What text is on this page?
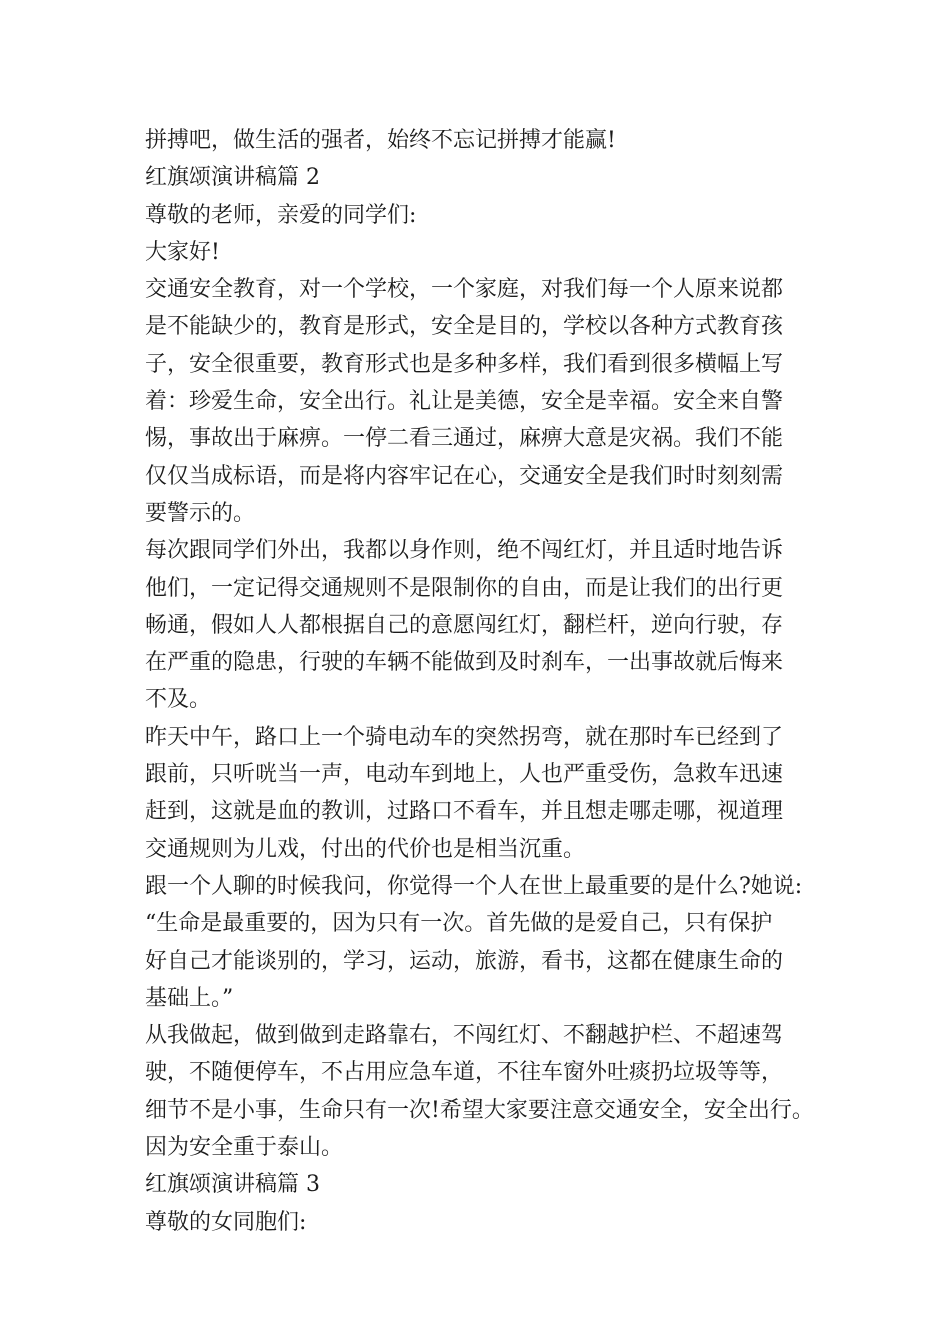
拼搏吧，做生活的强者，始终不忘记拼搏才能赢!
红旗颂演讲稿篇 2
尊敬的老师，亲爱的同学们:
大家好!
交通安全教育，对一个学校，一个家庭，对我们每一个人原来说都
是不能缺少的，教育是形式，安全是目的，学校以各种方式教育孩
子，安全很重要，教育形式也是多种多样，我们看到很多横幅上写
着：珍爱生命，安全出行。礼让是美德，安全是幸福。安全来自警
惕，事故出于麻痹。一停二看三通过，麻痹大意是灾祸。我们不能
仅仅当成标语，而是将内容牢记在心，交通安全是我们时时刻刻需
要警示的。
每次跟同学们外出，我都以身作则，绝不闯红灯，并且适时地告诉
他们，一定记得交通规则不是限制你的自由，而是让我们的出行更
畅通，假如人人都根据自己的意愿闯红灯，翻栏杆，逆向行驶，存
在严重的隐患，行驶的车辆不能做到及时刹车，一出事故就后悔来
不及。
昨天中午，路口上一个骑电动车的突然拐弯，就在那时车已经到了
跟前，只听咣当一声，电动车到地上，人也严重受伤，急救车迅速
赶到，这就是血的教训，过路口不看车，并且想走哪走哪，视道理
交通规则为儿戏，付出的代价也是相当沉重。
跟一个人聊的时候我问，你觉得一个人在世上最重要的是什么?她说:
“生命是最重要的，因为只有一次。首先做的是爱自己，只有保护
好自己才能谈别的，学习，运动，旅游，看书，这都在健康生命的
基础上。”
从我做起，做到做到走路靠右，不闯红灯、不翻越护栏、不超速驾
驶，不随便停车，不占用应急车道，不往车窗外吐痰扔垃圾等等，
细节不是小事，生命只有一次!希望大家要注意交通安全，安全出行。
因为安全重于泰山。
红旗颂演讲稿篇 3
尊敬的女同胞们:
